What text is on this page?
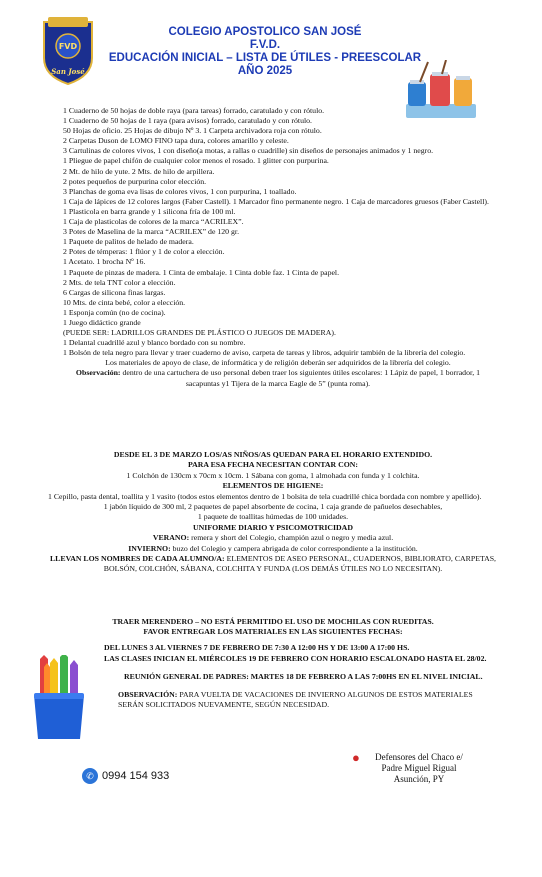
FVD
San José
COLEGIO APOSTOLICO SAN JOSÉ
F.V.D.
EDUCACIÓN INICIAL – LISTA DE ÚTILES - PREESCOLAR
AÑO 2025
1 Cuaderno de 50 hojas de doble raya (para tareas) forrado, caratulado y con rótulo.
1 Cuaderno de 50 hojas de 1 raya (para avisos) forrado, caratulado y con rótulo.
50 Hojas de oficio. 25 Hojas de dibujo Nº 3. 1 Carpeta archivadora roja con rótulo.
2 Carpetas Duson de LOMO FINO tapa dura, colores amarillo y celeste.
3 Cartulinas de colores vivos, 1 con diseño(a motas, a rallas o cuadrille) sin diseños de personajes animados y 1 negro.
1 Pliegue de papel chifón de cualquier color menos el rosado. 1 glitter con purpurina.
2 Mt. de hilo de yute. 2 Mts. de hilo de arpillera.
2 potes pequeños de purpurina color elección.
3 Planchas de goma eva lisas de colores vivos, 1 con purpurina, 1 toallado.
1 Caja de lápices de 12 colores largos (Faber Castell). 1 Marcador fino permanente negro. 1 Caja de marcadores gruesos (Faber Castell).
1 Plasticola en barra grande y 1 silicona fría de 100 ml.
1 Caja de plasticolas de colores de la marca “ACRILEX”.
3 Potes de Maselina de la marca “ACRILEX” de 120 gr.
1 Paquete de palitos de helado de madera.
2 Potes de témperas: 1 flúor y 1 de color a elección.
1 Acetato. 1 brocha Nº 16.
1 Paquete de pinzas de madera. 1 Cinta de embalaje. 1 Cinta doble faz. 1 Cinta de papel.
2 Mts. de tela TNT color a elección.
6 Cargas de silicona finas largas.
10 Mts. de cinta bebé, color a elección.
1 Esponja común (no de cocina).
1 Juego didáctico grande
(PUEDE SER: LADRILLOS GRANDES DE PLÁSTICO O JUEGOS DE MADERA).
1 Delantal cuadrillé azul y blanco bordado con su nombre.
1 Bolsón de tela negro para llevar y traer cuaderno de aviso, carpeta de tareas y libros, adquirir también de la librería del colegio.
Los materiales de apoyo de clase, de informática y de religión deberán ser adquiridos de la librería del colegio.
Observación: dentro de una cartuchera de uso personal deben traer los siguientes útiles escolares: 1 Lápiz de papel, 1 borrador, 1 sacapuntas y1 Tijera de la marca Eagle de 5” (punta roma).
DESDE EL 3 DE MARZO LOS/AS NIÑOS/AS QUEDAN PARA EL HORARIO EXTENDIDO.
PARA ESA FECHA NECESITAN CONTAR CON:
1 Colchón de 130cm x 70cm x 10cm. 1 Sábana con goma, 1 almohada con funda y 1 colchita.
ELEMENTOS DE HIGIENE:
1 Cepillo, pasta dental, toallita y 1 vasito (todos estos elementos dentro de 1 bolsita de tela cuadrillé chica bordada con nombre y apellido).
1 jabón líquido de 300 ml, 2 paquetes de papel absorbente de cocina, 1 caja grande de pañuelos desechables,
1 paquete de toallitas húmedas de 100 unidades.
UNIFORME DIARIO Y PSICOMOTRICIDAD
VERANO: remera y short del Colegio, champión azul o negro y media azul.
INVIERNO: buzo del Colegio y campera abrigada de color correspondiente a la institución.
LLEVAN LOS NOMBRES DE CADA ALUMNO/A: ELEMENTOS DE ASEO PERSONAL, CUADERNOS, BIBLIORATO, CARPETAS, BOLSÓN, COLCHÓN, SÁBANA, COLCHITA Y FUNDA (LOS DEMÁS ÚTILES NO LO NECESITAN).
TRAER MERENDERO – NO ESTÁ PERMITIDO EL USO DE MOCHILAS CON RUEDITAS.
FAVOR ENTREGAR LOS MATERIALES EN LAS SIGUIENTES FECHAS:
DEL LUNES 3 AL VIERNES 7 DE FEBRERO DE 7:30 A 12:00 HS Y DE 13:00 A 17:00 HS.
LAS CLASES INICIAN EL MIÉRCOLES 19 DE FEBRERO CON HORARIO ESCALONADO HASTA EL 28/02.
REUNIÓN GENERAL DE PADRES: MARTES 18 DE FEBRERO A LAS 7:00HS EN EL NIVEL INICIAL.
OBSERVACIÓN: PARA VUELTA DE VACACIONES DE INVIERNO ALGUNOS DE ESTOS MATERIALES SERÁN SOLICITADOS NUEVAMENTE, SEGÚN NECESIDAD.
✆ 0994 154 933
●	Defensores del Chaco e/
Padre Miguel Rigual
Asunción, PY
